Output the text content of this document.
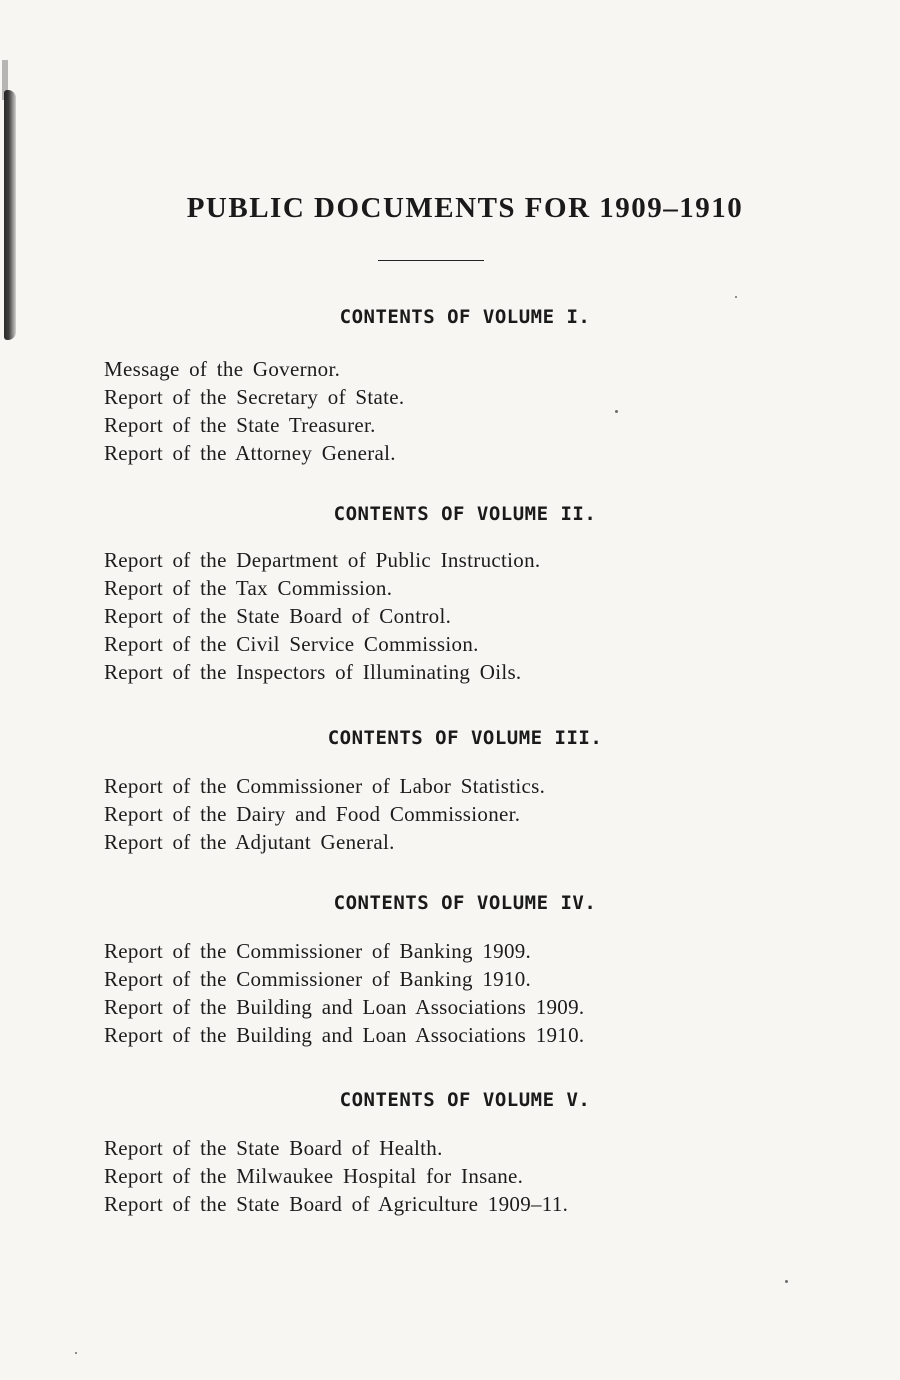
PUBLIC DOCUMENTS FOR 1909–1910
CONTENTS OF VOLUME I.
Message of the Governor.
Report of the Secretary of State.
Report of the State Treasurer.
Report of the Attorney General.
CONTENTS OF VOLUME II.
Report of the Department of Public Instruction.
Report of the Tax Commission.
Report of the State Board of Control.
Report of the Civil Service Commission.
Report of the Inspectors of Illuminating Oils.
CONTENTS OF VOLUME III.
Report of the Commissioner of Labor Statistics.
Report of the Dairy and Food Commissioner.
Report of the Adjutant General.
CONTENTS OF VOLUME IV.
Report of the Commissioner of Banking 1909.
Report of the Commissioner of Banking 1910.
Report of the Building and Loan Associations 1909.
Report of the Building and Loan Associations 1910.
CONTENTS OF VOLUME V.
Report of the State Board of Health.
Report of the Milwaukee Hospital for Insane.
Report of the State Board of Agriculture 1909–11.
